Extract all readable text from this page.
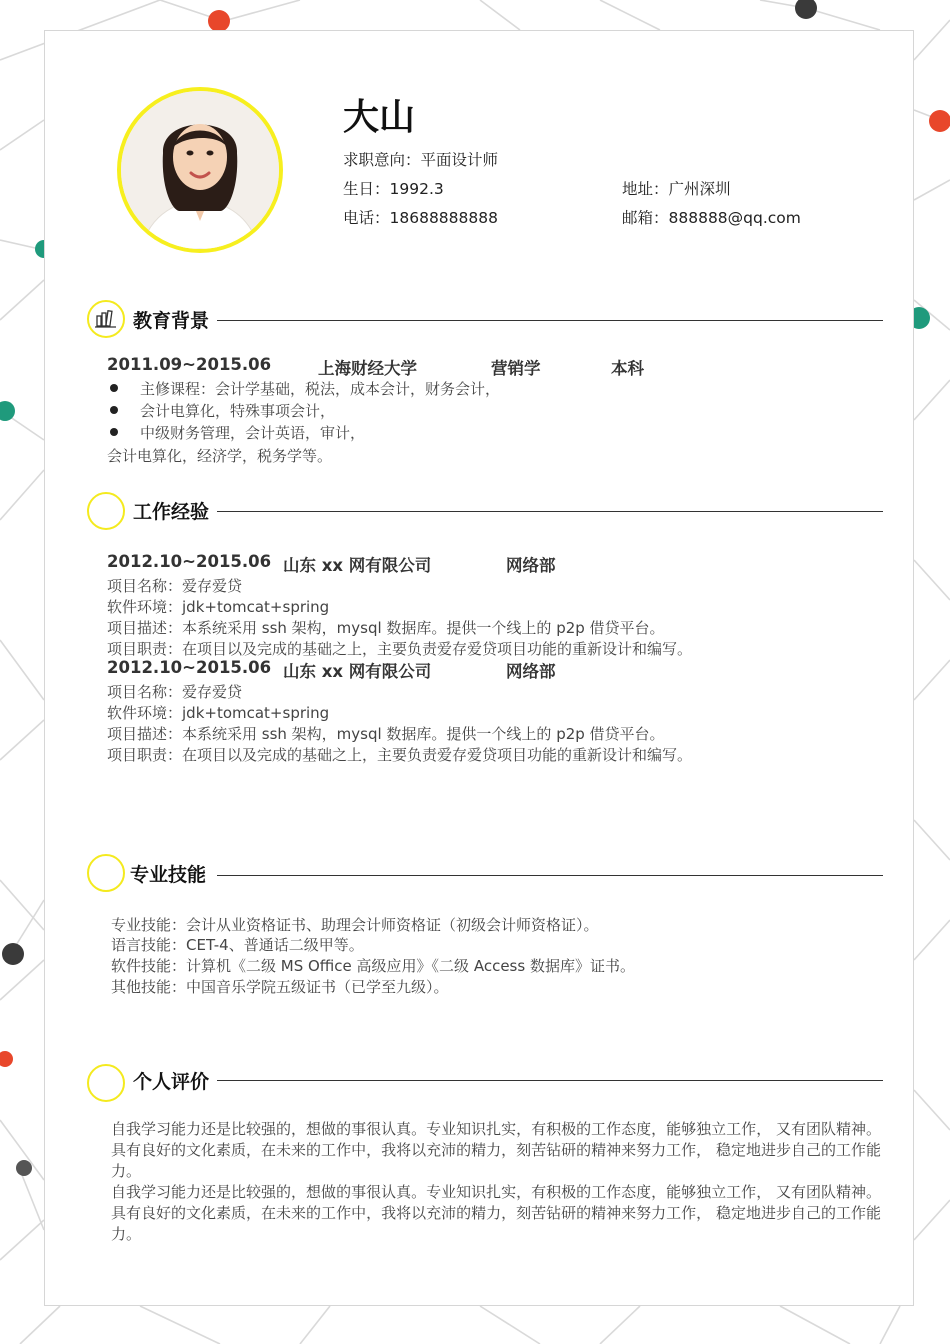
大山
求职意向：平面设计师
生日：1992.3	地址：广州深圳
电话：18688888888	邮箱：888888@qq.com
教育背景
2011.09~2015.06	上海财经大学	营销学	本科
主修课程：会计学基础，税法，成本会计，财务会计，
会计电算化，特殊事项会计，
中级财务管理，会计英语，审计，
会计电算化，经济学，税务学等。
工作经验
2012.10~2015.06 山东 xx 网有限公司	网络部
项目名称：爱存爱贷
软件环境：jdk+tomcat+spring
项目描述：本系统采用 ssh 架构，mysql 数据库。提供一个线上的 p2p 借贷平台。
项目职责：在项目以及完成的基础之上，主要负责爱存爱贷项目功能的重新设计和编写。
2012.10~2015.06 山东 xx 网有限公司	网络部
项目名称：爱存爱贷
软件环境：jdk+tomcat+spring
项目描述：本系统采用 ssh 架构，mysql 数据库。提供一个线上的 p2p 借贷平台。
项目职责：在项目以及完成的基础之上，主要负责爱存爱贷项目功能的重新设计和编写。
专业技能
专业技能：会计从业资格证书、助理会计师资格证（初级会计师资格证）。
语言技能：CET-4、普通话二级甲等。
软件技能：计算机《二级 MS Office 高级应用》《二级 Access 数据库》证书。
其他技能：中国音乐学院五级证书（已学至九级）。
个人评价

自我学习能力还是比较强的，想做的事很认真。专业知识扎实，有积极的工作态度，能够独立工作， 又有团队精神。具有良好的文化素质，在未来的工作中，我将以充沛的精力，刻苦钻研的精神来努力工作， 稳定地进步自己的工作能力。

自我学习能力还是比较强的，想做的事很认真。专业知识扎实，有积极的工作态度，能够独立工作， 又有团队精神。具有良好的文化素质，在未来的工作中，我将以充沛的精力，刻苦钻研的精神来努力工作， 稳定地进步自己的工作能力。
